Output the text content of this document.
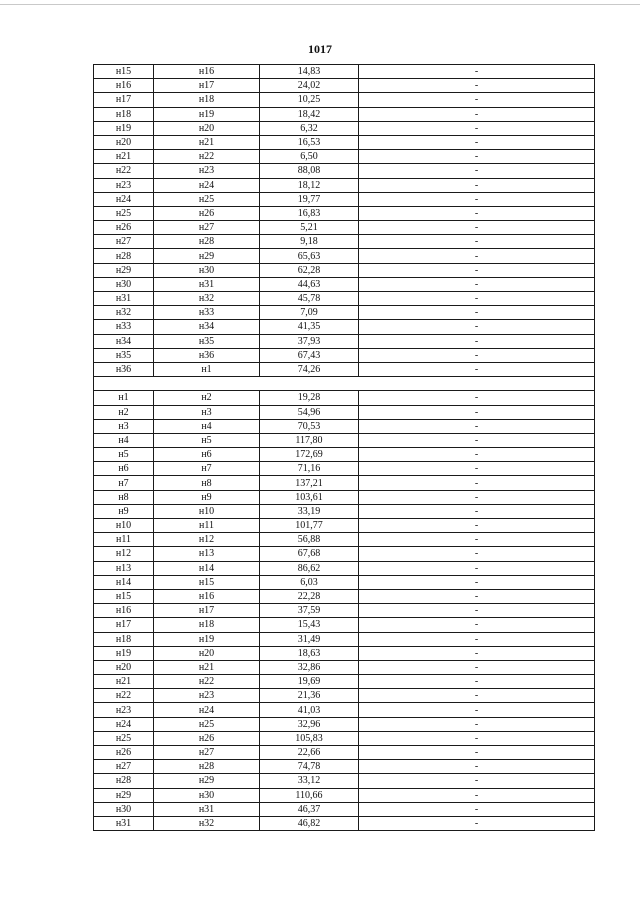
1017
н15	н16	14,83	-
н16	н17	24,02	-
н17	н18	10,25	-
н18	н19	18,42	-
н19	н20	6,32	-
н20	н21	16,53	-
н21	н22	6,50	-
н22	н23	88,08	-
н23	н24	18,12	-
н24	н25	19,77	-
н25	н26	16,83	-
н26	н27	5,21	-
н27	н28	9,18	-
н28	н29	65,63	-
н29	н30	62,28	-
н30	н31	44,63	-
н31	н32	45,78	-
н32	н33	7,09	-
н33	н34	41,35	-
н34	н35	37,93	-
н35	н36	67,43	-
н36	н1	74,26	-

н1	н2	19,28	-
н2	н3	54,96	-
н3	н4	70,53	-
н4	н5	117,80	-
н5	н6	172,69	-
н6	н7	71,16	-
н7	н8	137,21	-
н8	н9	103,61	-
н9	н10	33,19	-
н10	н11	101,77	-
н11	н12	56,88	-
н12	н13	67,68	-
н13	н14	86,62	-
н14	н15	6,03	-
н15	н16	22,28	-
н16	н17	37,59	-
н17	н18	15,43	-
н18	н19	31,49	-
н19	н20	18,63	-
н20	н21	32,86	-
н21	н22	19,69	-
н22	н23	21,36	-
н23	н24	41,03	-
н24	н25	32,96	-
н25	н26	105,83	-
н26	н27	22,66	-
н27	н28	74,78	-
н28	н29	33,12	-
н29	н30	110,66	-
н30	н31	46,37	-
н31	н32	46,82	-
